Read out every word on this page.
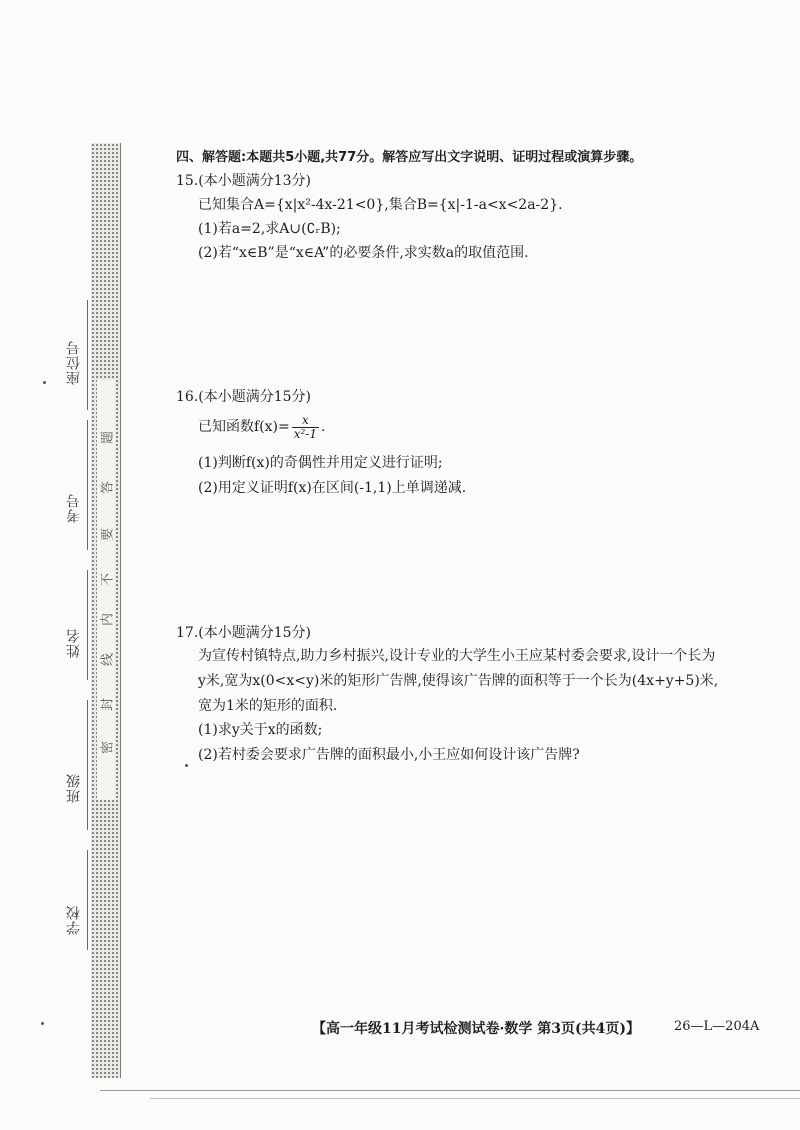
题
答
要
不
内
线
封
密
座位号
考号
姓名
班级
学校
四、解答题:本题共5小题,共77分。解答应写出文字说明、证明过程或演算步骤。
15.(本小题满分13分)
已知集合A={x|x²-4x-21<0},集合B={x|-1-a<x<2a-2}.
(1)若a=2,求A∪(∁ᵣB);
(2)若“x∈B”是“x∈A”的必要条件,求实数a的取值范围.
16.(本小题满分15分)
已知函数$f(x)= \frac{x}{\text{x²-1}}$ .
(1)判断f(x)的奇偶性并用定义进行证明;
(2)用定义证明f(x)在区间(-1,1)上单调递减.
17.(本小题满分15分)
为宣传村镇特点,助力乡村振兴,设计专业的大学生小王应某村委会要求,设计一个长为
y米,宽为x(0<x<y)米的矩形广告牌,使得该广告牌的面积等于一个长为(4x+y+5)米,
宽为1米的矩形的面积.
(1)求y关于x的函数;
(2)若村委会要求广告牌的面积最小,小王应如何设计该广告牌?
【高一年级11月考试检测试卷·数学 第3页(共4页)】	26—L—204A
